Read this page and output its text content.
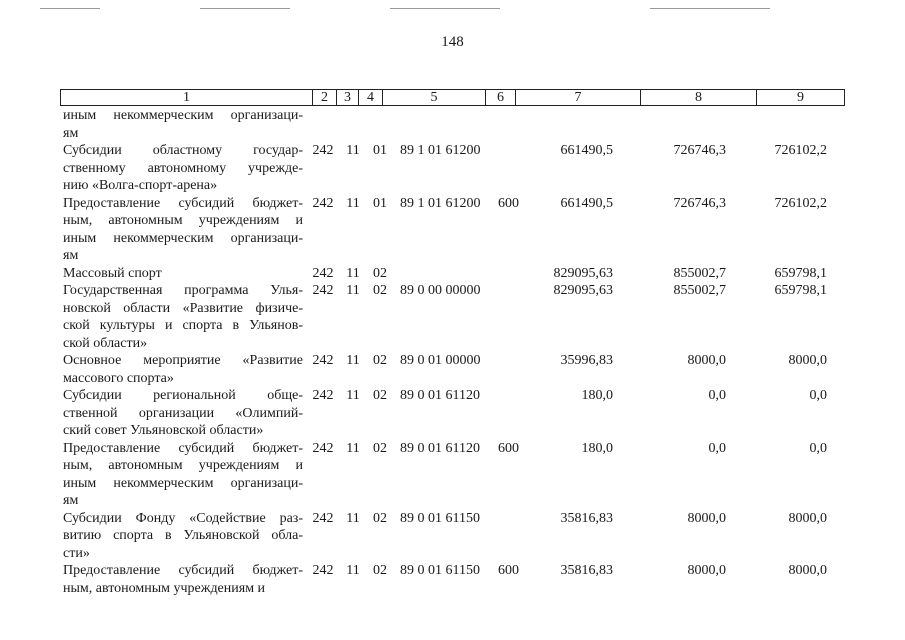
148
1	2	3	4	5	6	7	8	9
иным некоммерческим организаци-
ям
Субсидии областному государ-
ственному автономному учрежде-
нию «Волга-спорт-арена»
242 11 01 89 1 01 61200	661490,5	726746,3	726102,2
Предоставление субсидий бюджет-
ным, автономным учреждениям и
иным некоммерческим организаци-
ям
242 11 01 89 1 01 61200	600	661490,5	726746,3	726102,2
Массовый спорт	242 11 02	829095,63	855002,7	659798,1
Государственная программа Улья-
новской области «Развитие физиче-
ской культуры и спорта в Ульянов-
ской области»
242 11 02 89 0 00 00000	829095,63	855002,7	659798,1
Основное мероприятие «Развитие
массового спорта»
242 11 02 89 0 01 00000	35996,83	8000,0	8000,0
Субсидии региональной обще-
ственной организации «Олимпий-
ский совет Ульяновской области»
242 11 02 89 0 01 61120	180,0	0,0	0,0
Предоставление субсидий бюджет-
ным, автономным учреждениям и
иным некоммерческим организаци-
ям
242 11 02 89 0 01 61120	600	180,0	0,0	0,0
Субсидии Фонду «Содействие раз-
витию спорта в Ульяновской обла-
сти»
242 11 02 89 0 01 61150	35816,83	8000,0	8000,0
Предоставление субсидий бюджет-
ным, автономным учреждениям и
242 11 02 89 0 01 61150	600	35816,83	8000,0	8000,0
